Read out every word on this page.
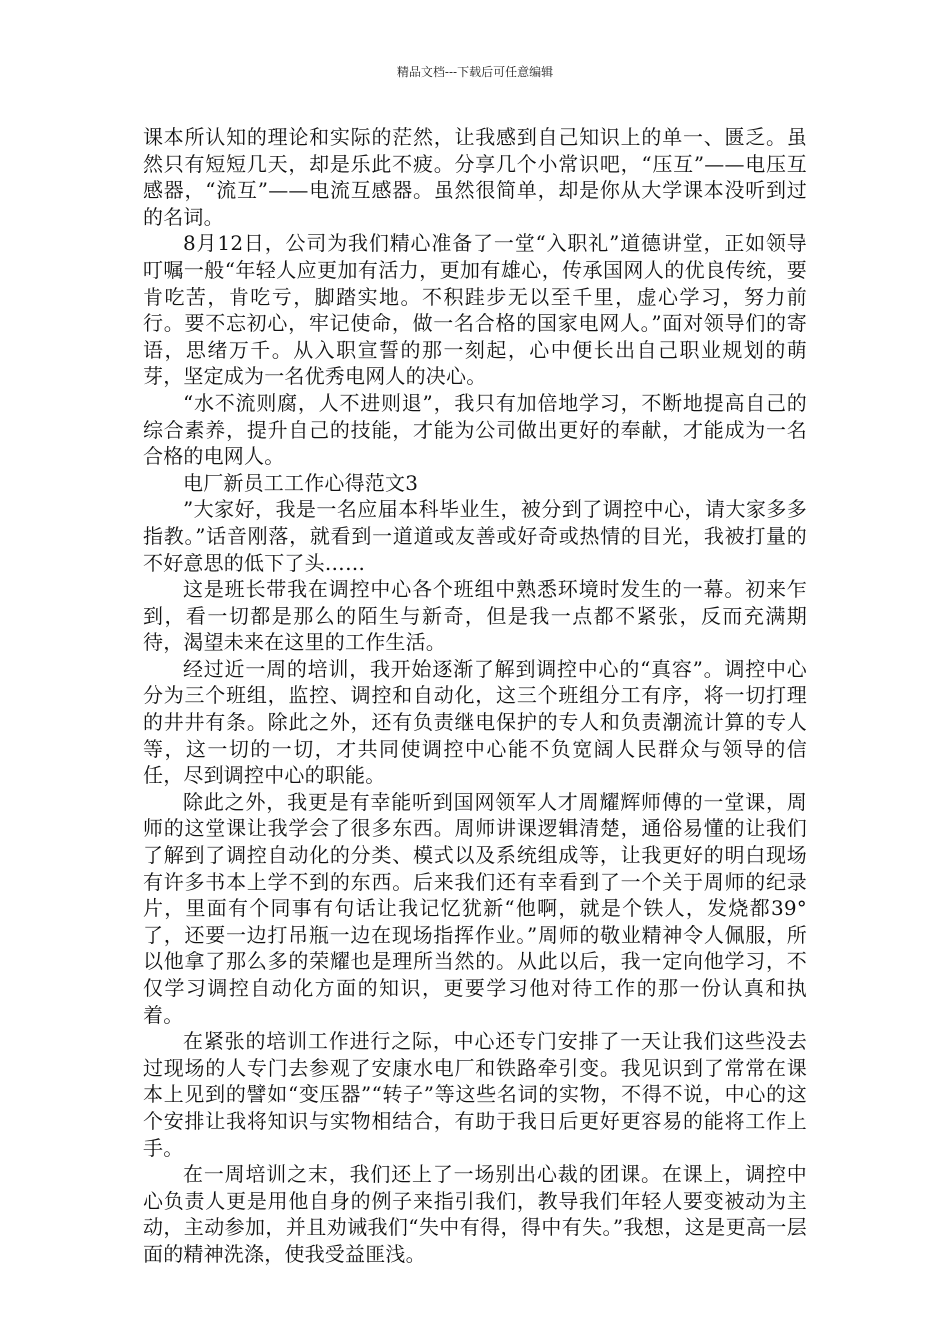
精品文档---下载后可任意编辑

课本所认知的理论和实际的茫然，让我感到自己知识上的单一、匮乏。虽然只有短短几天，却是乐此不疲。分享几个小常识吧，“压互”——电压互感器，“流互”——电流互感器。虽然很简单，却是你从大学课本没听到过的名词。

8月12日，公司为我们精心准备了一堂“入职礼”道德讲堂，正如领导叮嘱一般“年轻人应更加有活力，更加有雄心，传承国网人的优良传统，要肯吃苦，肯吃亏，脚踏实地。不积跬步无以至千里，虚心学习，努力前行。要不忘初心，牢记使命，做一名合格的国家电网人。”面对领导们的寄语，思绪万千。从入职宣誓的那一刻起，心中便长出自己职业规划的萌芽，坚定成为一名优秀电网人的决心。

“水不流则腐，人不进则退”，我只有加倍地学习，不断地提高自己的综合素养，提升自己的技能，才能为公司做出更好的奉献，才能成为一名合格的电网人。

电厂新员工工作心得范文3

”大家好，我是一名应届本科毕业生，被分到了调控中心，请大家多多指教。”话音刚落，就看到一道道或友善或好奇或热情的目光，我被打量的不好意思的低下了头……

这是班长带我在调控中心各个班组中熟悉环境时发生的一幕。初来乍到，看一切都是那么的陌生与新奇，但是我一点都不紧张，反而充满期待，渴望未来在这里的工作生活。

经过近一周的培训，我开始逐渐了解到调控中心的“真容”。调控中心分为三个班组，监控、调控和自动化，这三个班组分工有序，将一切打理的井井有条。除此之外，还有负责继电保护的专人和负责潮流计算的专人等，这一切的一切，才共同使调控中心能不负宽阔人民群众与领导的信任，尽到调控中心的职能。

除此之外，我更是有幸能听到国网领军人才周耀辉师傅的一堂课，周师的这堂课让我学会了很多东西。周师讲课逻辑清楚，通俗易懂的让我们了解到了调控自动化的分类、模式以及系统组成等，让我更好的明白现场有许多书本上学不到的东西。后来我们还有幸看到了一个关于周师的纪录片，里面有个同事有句话让我记忆犹新“他啊，就是个铁人，发烧都39°了，还要一边打吊瓶一边在现场指挥作业。”周师的敬业精神令人佩服，所以他拿了那么多的荣耀也是理所当然的。从此以后，我一定向他学习，不仅学习调控自动化方面的知识，更要学习他对待工作的那一份认真和执着。

在紧张的培训工作进行之际，中心还专门安排了一天让我们这些没去过现场的人专门去参观了安康水电厂和铁路牵引变。我见识到了常常在课本上见到的譬如“变压器”“转子”等这些名词的实物，不得不说，中心的这个安排让我将知识与实物相结合，有助于我日后更好更容易的能将工作上手。

在一周培训之末，我们还上了一场别出心裁的团课。在课上，调控中心负责人更是用他自身的例子来指引我们，教导我们年轻人要变被动为主动，主动参加，并且劝诫我们“失中有得，得中有失。”我想，这是更高一层面的精神洗涤，使我受益匪浅。
